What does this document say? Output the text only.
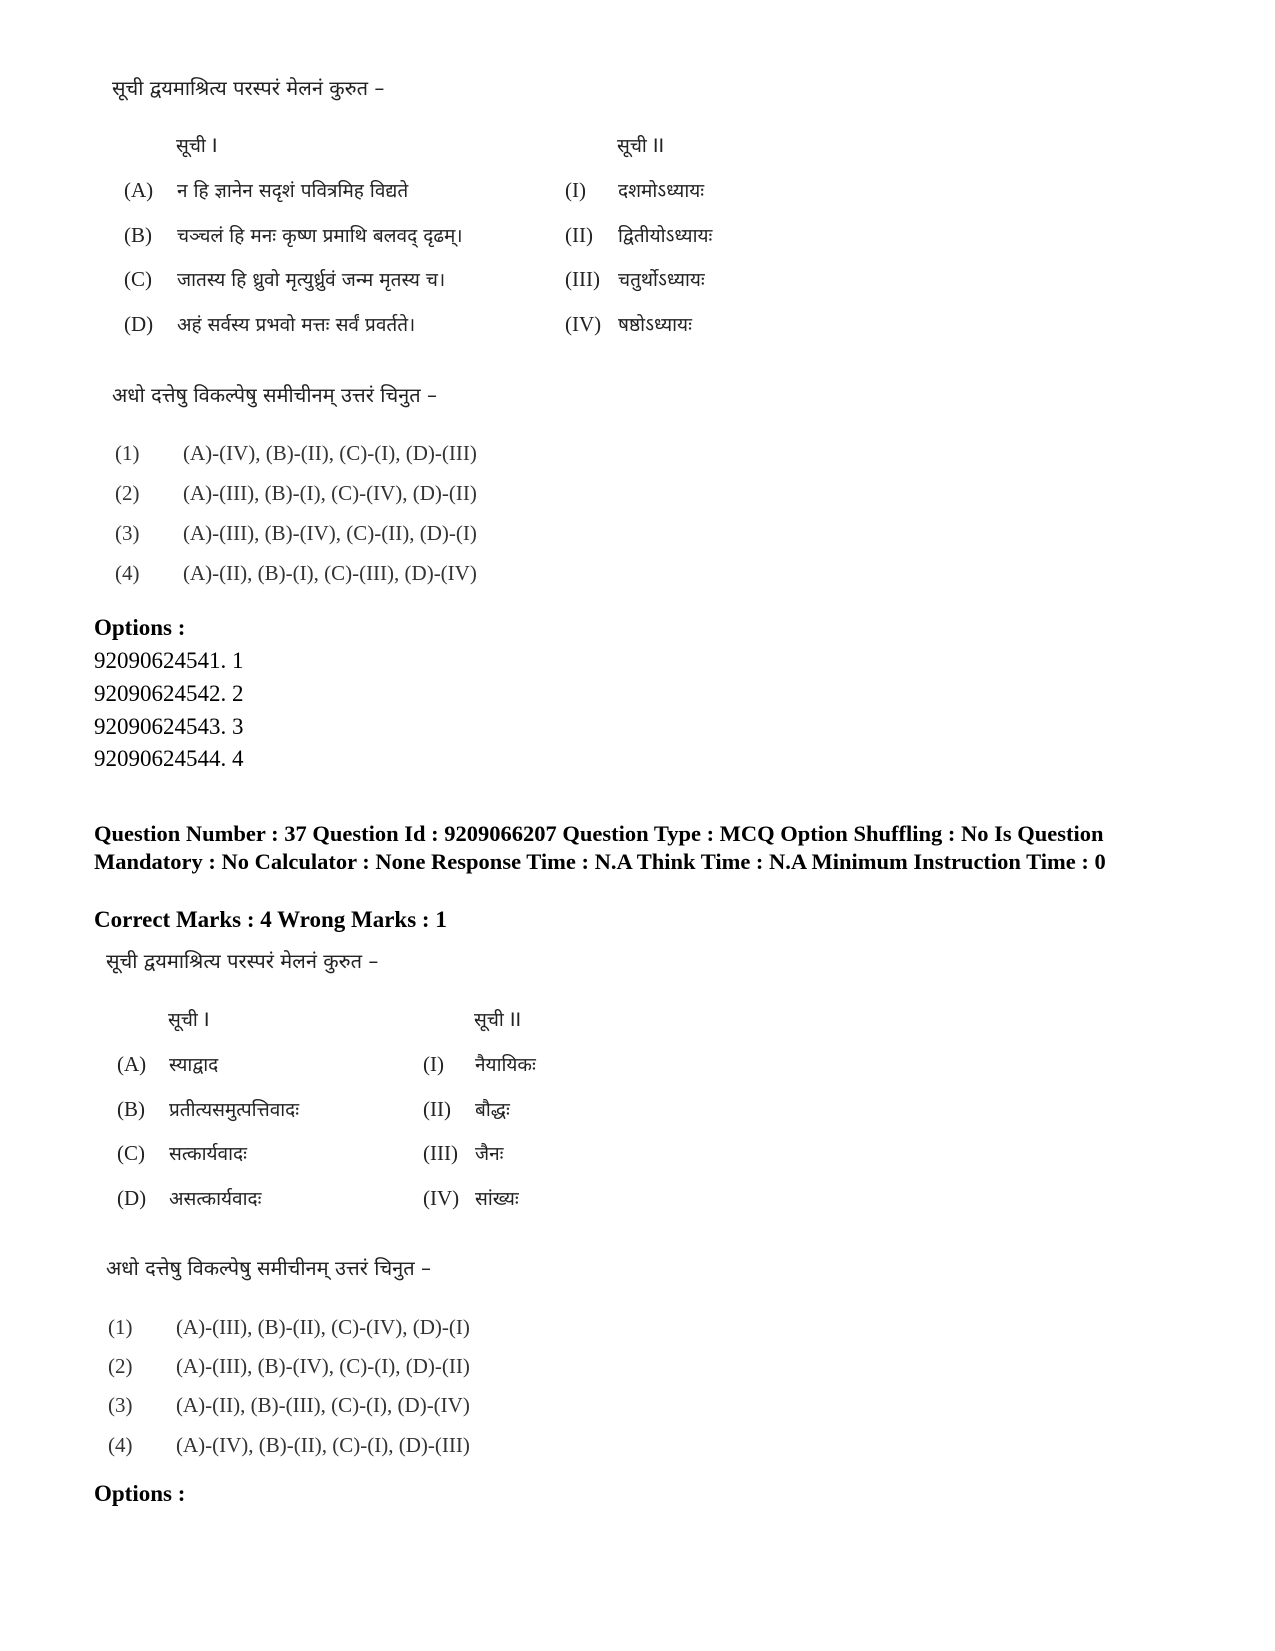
सूची द्वयमाश्रित्य परस्परं मेलनं कुरुत –
सूची I	सूची II
(A) न हि ज्ञानेन सदृशं पवित्रमिह विद्यते	(I) दशमोऽध्यायः
(B) चञ्चलं हि मनः कृष्ण प्रमाथि बलवद् दृढम्।	(II) द्वितीयोऽध्यायः
(C) जातस्य हि ध्रुवो मृत्युर्ध्रुवं जन्म मृतस्य च।	(III) चतुर्थोऽध्यायः
(D) अहं सर्वस्य प्रभवो मत्तः सर्वं प्रवर्तते।	(IV) षष्ठोऽध्यायः
अधो दत्तेषु विकल्पेषु समीचीनम् उत्तरं चिनुत –
(1) (A)-(IV), (B)-(II), (C)-(I), (D)-(III)
(2) (A)-(III), (B)-(I), (C)-(IV), (D)-(II)
(3) (A)-(III), (B)-(IV), (C)-(II), (D)-(I)
(4) (A)-(II), (B)-(I), (C)-(III), (D)-(IV)
Options :
92090624541. 1
92090624542. 2
92090624543. 3
92090624544. 4
Question Number : 37 Question Id : 9209066207 Question Type : MCQ Option Shuffling : No Is Question Mandatory : No Calculator : None Response Time : N.A Think Time : N.A Minimum Instruction Time : 0
Correct Marks : 4 Wrong Marks : 1
सूची द्वयमाश्रित्य परस्परं मेलनं कुरुत –
सूची I	सूची II
(A) स्याद्वाद	(I) नैयायिकः
(B) प्रतीत्यसमुत्पत्तिवादः	(II) बौद्धः
(C) सत्कार्यवादः	(III) जैनः
(D) असत्कार्यवादः	(IV) सांख्यः
अधो दत्तेषु विकल्पेषु समीचीनम् उत्तरं चिनुत –
(1) (A)-(III), (B)-(II), (C)-(IV), (D)-(I)
(2) (A)-(III), (B)-(IV), (C)-(I), (D)-(II)
(3) (A)-(II), (B)-(III), (C)-(I), (D)-(IV)
(4) (A)-(IV), (B)-(II), (C)-(I), (D)-(III)
Options :
